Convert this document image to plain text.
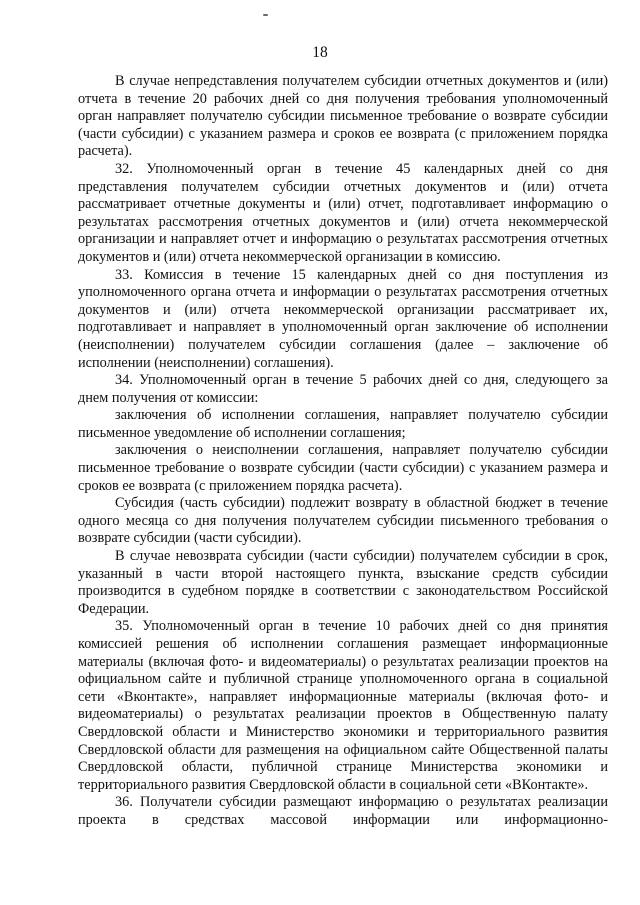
18

В случае непредставления получателем субсидии отчетных документов и (или) отчета в течение 20 рабочих дней со дня получения требования уполномоченный орган направляет получателю субсидии письменное требование о возврате субсидии (части субсидии) с указанием размера и сроков ее возврата (с приложением порядка расчета).

32. Уполномоченный орган в течение 45 календарных дней со дня представления получателем субсидии отчетных документов и (или) отчета рассматривает отчетные документы и (или) отчет, подготавливает информацию о результатах рассмотрения отчетных документов и (или) отчета некоммерческой организации и направляет отчет и информацию о результатах рассмотрения отчетных документов и (или) отчета некоммерческой организации в комиссию.

33. Комиссия в течение 15 календарных дней со дня поступления из уполномоченного органа отчета и информации о результатах рассмотрения отчетных документов и (или) отчета некоммерческой организации рассматривает их, подготавливает и направляет в уполномоченный орган заключение об исполнении (неисполнении) получателем субсидии соглашения (далее – заключение об исполнении (неисполнении) соглашения).

34. Уполномоченный орган в течение 5 рабочих дней со дня, следующего за днем получения от комиссии:

заключения об исполнении соглашения, направляет получателю субсидии письменное уведомление об исполнении соглашения;

заключения о неисполнении соглашения, направляет получателю субсидии письменное требование о возврате субсидии (части субсидии) с указанием размера и сроков ее возврата (с приложением порядка расчета).

Субсидия (часть субсидии) подлежит возврату в областной бюджет в течение одного месяца со дня получения получателем субсидии письменного требования о возврате субсидии (части субсидии).

В случае невозврата субсидии (части субсидии) получателем субсидии в срок, указанный в части второй настоящего пункта, взыскание средств субсидии производится в судебном порядке в соответствии с законодательством Российской Федерации.

35. Уполномоченный орган в течение 10 рабочих дней со дня принятия комиссией решения об исполнении соглашения размещает информационные материалы (включая фото- и видеоматериалы) о результатах реализации проектов на официальном сайте и публичной странице уполномоченного органа в социальной сети «Вконтакте», направляет информационные материалы (включая фото- и видеоматериалы) о результатах реализации проектов в Общественную палату Свердловской области и Министерство экономики и территориального развития Свердловской области для размещения на официальном сайте Общественной палаты Свердловской области, публичной странице Министерства экономики и территориального развития Свердловской области в социальной сети «ВКонтакте».

36. Получатели субсидии размещают информацию о результатах реализации проекта в средствах массовой информации или информационно-
